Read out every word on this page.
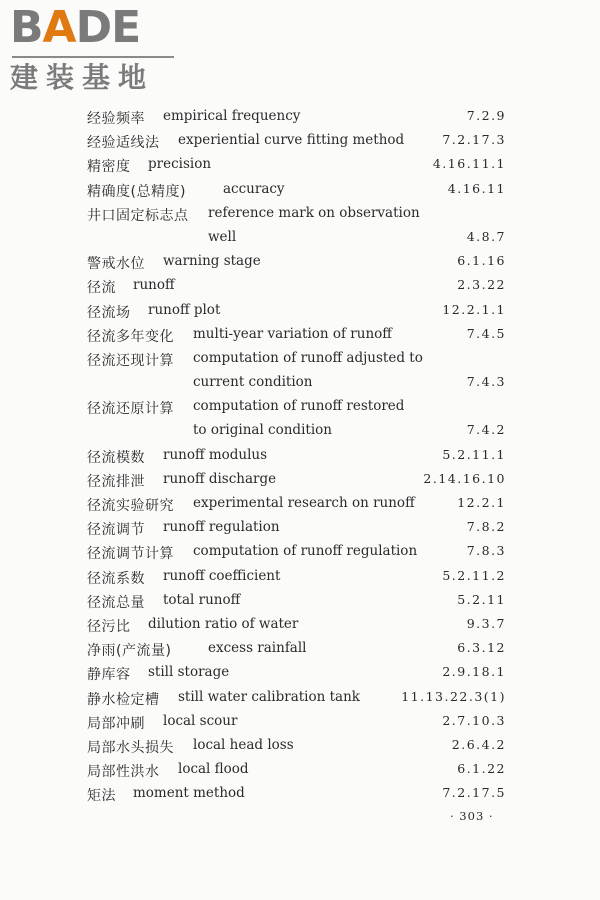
BADE
建装基地
经验频率 empirical frequency	7.2.9
经验适线法 experiential curve fitting method	7.2.17.3
精密度 precision	4.16.11.1
精确度(总精度)	accuracy	4.16.11
井口固定标志点 reference mark on observation
well	4.8.7
警戒水位 warning stage	6.1.16
径流 runoff	2.3.22
径流场 runoff plot	12.2.1.1
径流多年变化 multi-year variation of runoff	7.4.5
径流还现计算 computation of runoff adjusted to
current condition	7.4.3
径流还原计算 computation of runoff restored
to original condition	7.4.2
径流模数 runoff modulus	5.2.11.1
径流排泄 runoff discharge	2.14.16.10
径流实验研究 experimental research on runoff	12.2.1
径流调节 runoff regulation	7.8.2
径流调节计算 computation of runoff regulation	7.8.3
径流系数 runoff coefficient	5.2.11.2
径流总量 total runoff	5.2.11
径污比 dilution ratio of water	9.3.7
净雨(产流量)	excess rainfall	6.3.12
静库容 still storage	2.9.18.1
静水检定槽 still water calibration tank	11.13.22.3(1)
局部冲刷 local scour	2.7.10.3
局部水头损失 local head loss	2.6.4.2
局部性洪水 local flood	6.1.22
矩法 moment method	7.2.17.5
· 303 ·
